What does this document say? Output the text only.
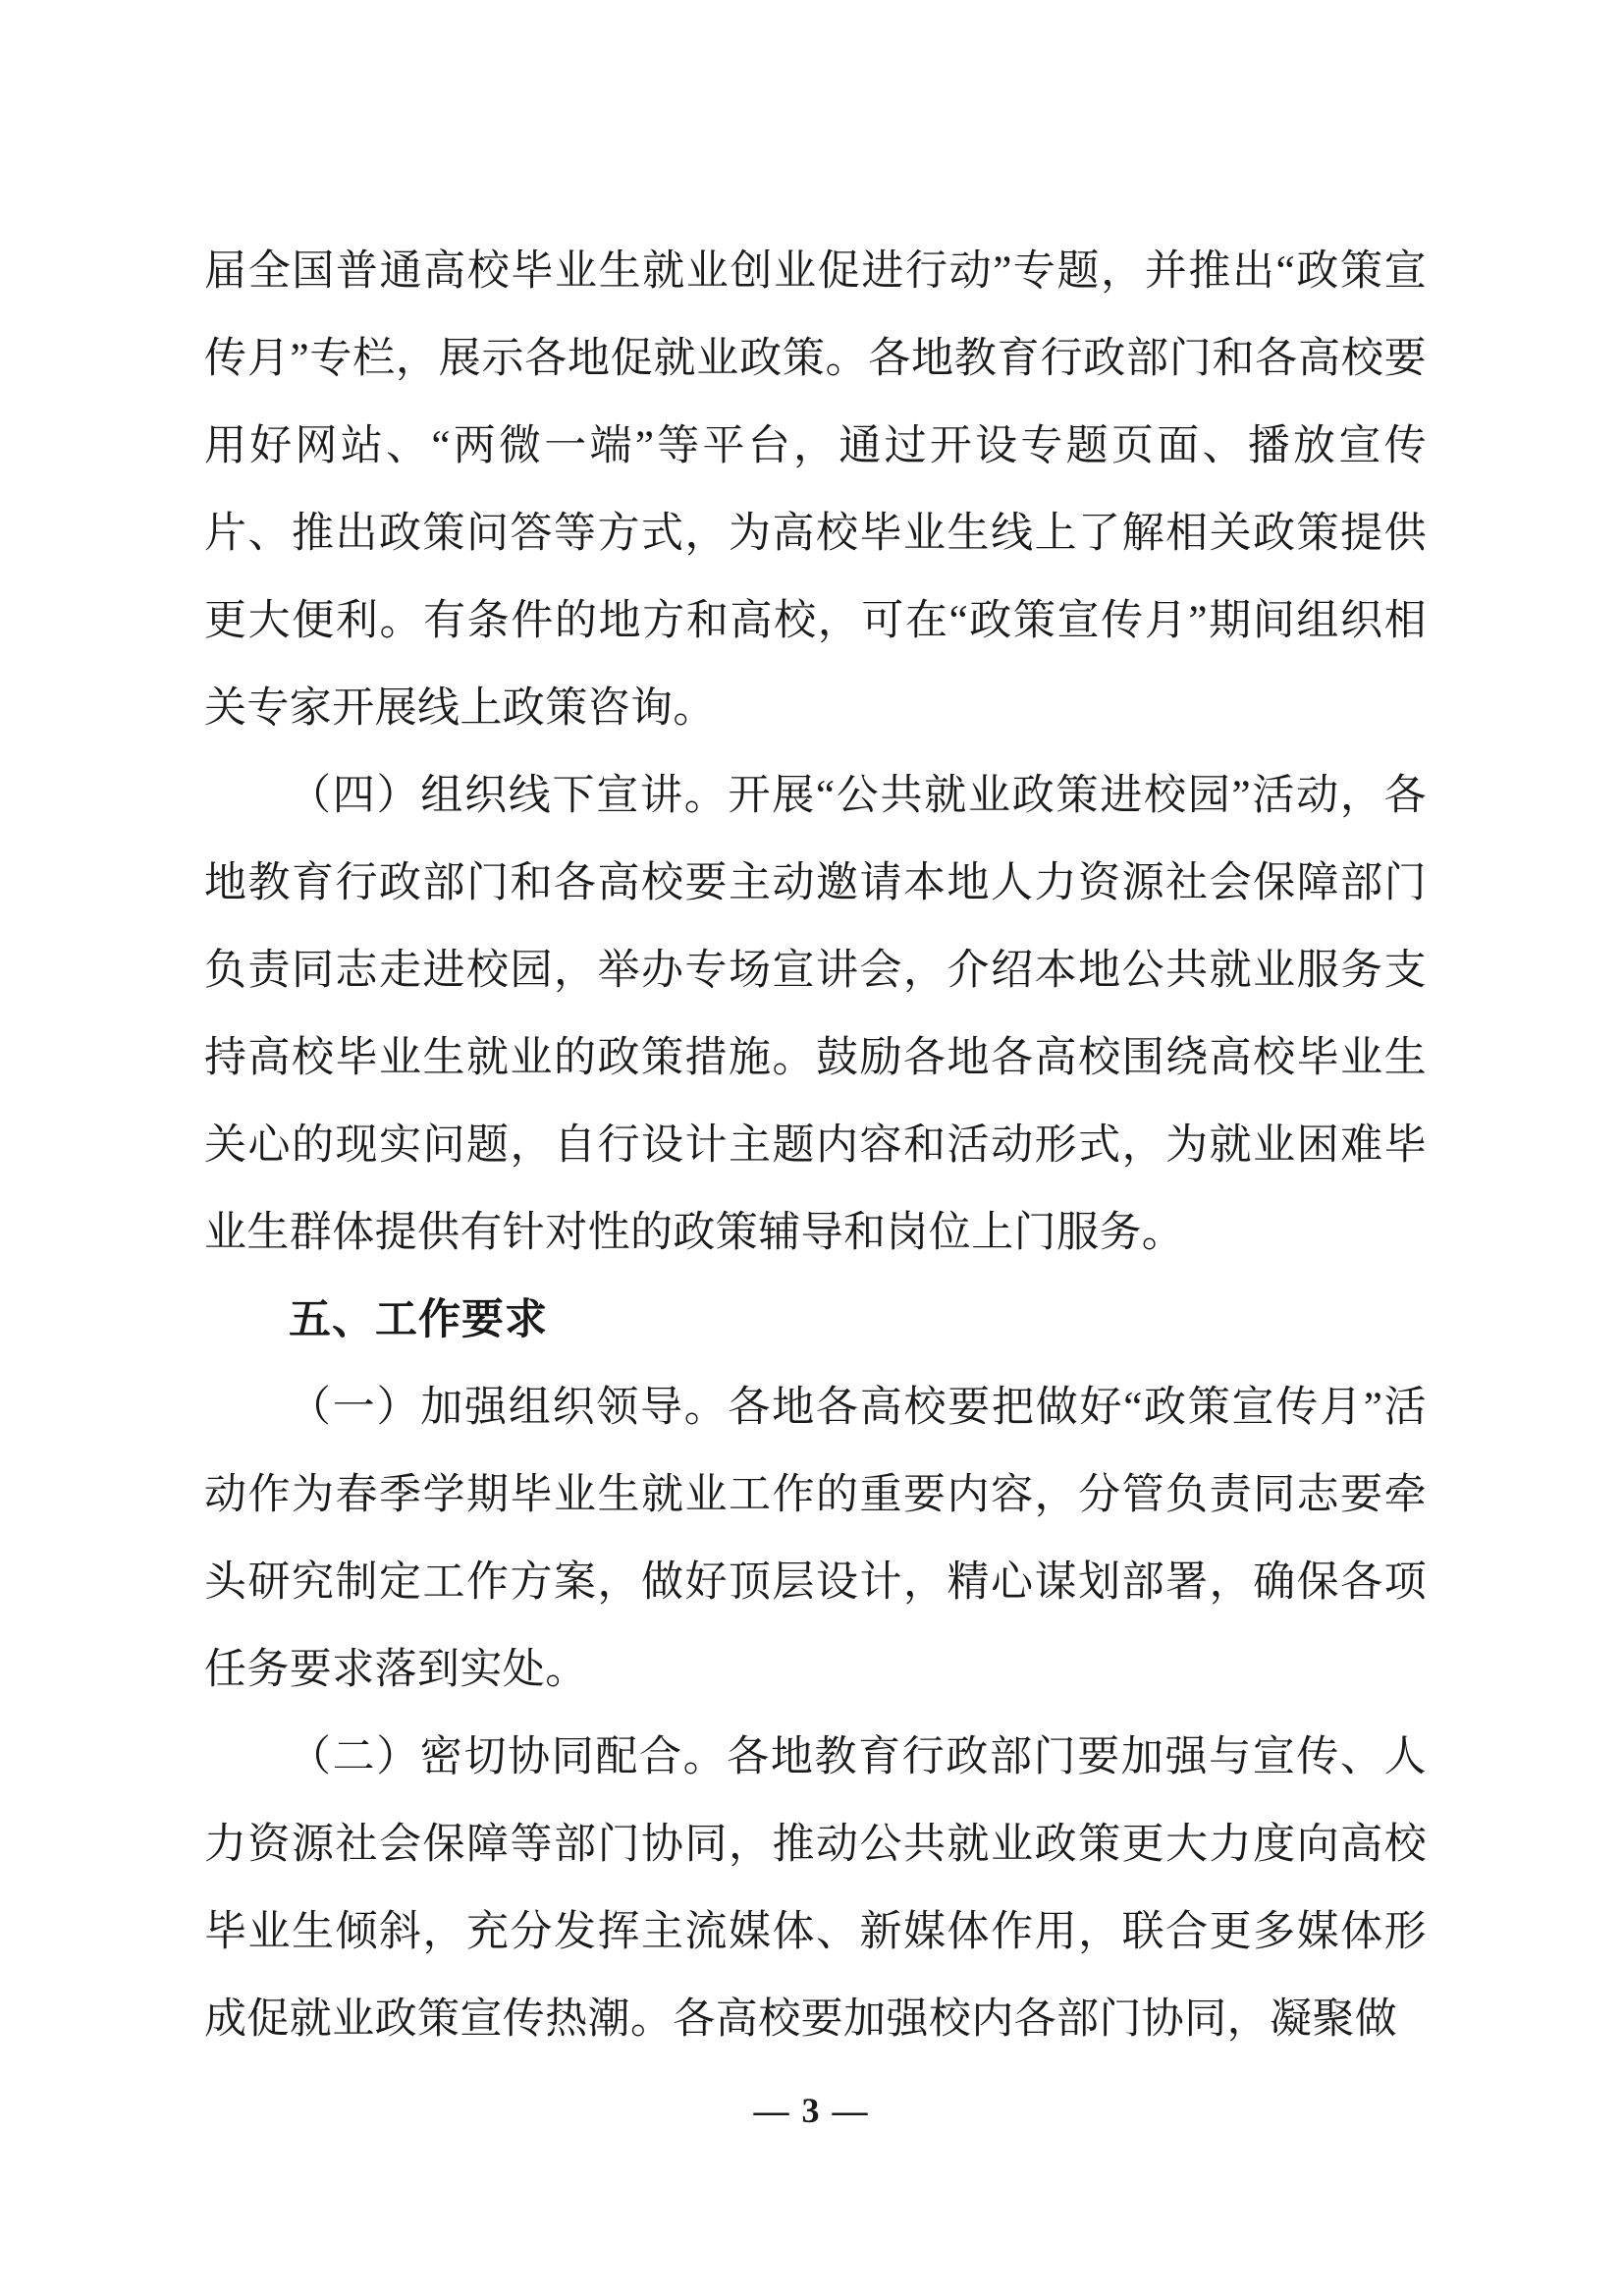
届全国普通高校毕业生就业创业促进行动”专题，并推出“政策宣传月”专栏，展示各地促就业政策。各地教育行政部门和各高校要用好网站、“两微一端”等平台，通过开设专题页面、播放宣传片、推出政策问答等方式，为高校毕业生线上了解相关政策提供更大便利。有条件的地方和高校，可在“政策宣传月”期间组织相关专家开展线上政策咨询。

（四）组织线下宣讲。开展“公共就业政策进校园”活动，各地教育行政部门和各高校要主动邀请本地人力资源社会保障部门负责同志走进校园，举办专场宣讲会，介绍本地公共就业服务支持高校毕业生就业的政策措施。鼓励各地各高校围绕高校毕业生关心的现实问题，自行设计主题内容和活动形式，为就业困难毕业生群体提供有针对性的政策辅导和岗位上门服务。

五、工作要求

（一）加强组织领导。各地各高校要把做好“政策宣传月”活动作为春季学期毕业生就业工作的重要内容，分管负责同志要牵头研究制定工作方案，做好顶层设计，精心谋划部署，确保各项任务要求落到实处。

（二）密切协同配合。各地教育行政部门要加强与宣传、人力资源社会保障等部门协同，推动公共就业政策更大力度向高校毕业生倾斜，充分发挥主流媒体、新媒体作用，联合更多媒体形成促就业政策宣传热潮。各高校要加强校内各部门协同，凝聚做

— 3 —
